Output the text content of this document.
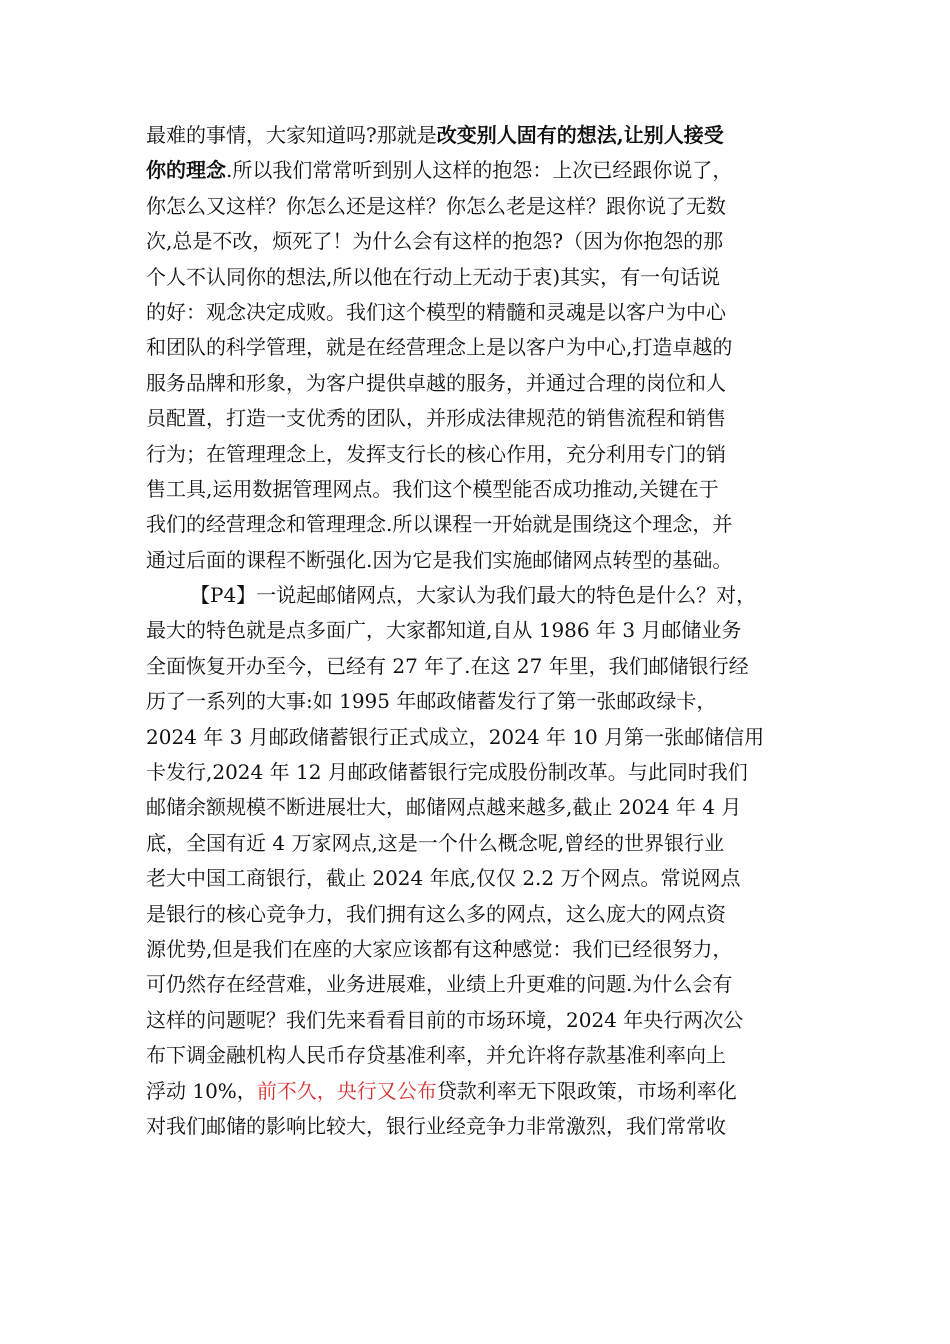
最难的事情，大家知道吗?那就是改变别人固有的想法,让别人接受
你的理念.所以我们常常听到别人这样的抱怨：上次已经跟你说了，
你怎么又这样？你怎么还是这样？你怎么老是这样？跟你说了无数
次,总是不改，烦死了！为什么会有这样的抱怨?（因为你抱怨的那
个人不认同你的想法,所以他在行动上无动于衷)其实，有一句话说
的好：观念决定成败。我们这个模型的精髓和灵魂是以客户为中心
和团队的科学管理，就是在经营理念上是以客户为中心,打造卓越的
服务品牌和形象，为客户提供卓越的服务，并通过合理的岗位和人
员配置，打造一支优秀的团队，并形成法律规范的销售流程和销售
行为；在管理理念上，发挥支行长的核心作用，充分利用专门的销
售工具,运用数据管理网点。我们这个模型能否成功推动,关键在于
我们的经营理念和管理理念.所以课程一开始就是围绕这个理念，并
通过后面的课程不断强化.因为它是我们实施邮储网点转型的基础。
【P4】一说起邮储网点，大家认为我们最大的特色是什么？对，
最大的特色就是点多面广，大家都知道,自从 1986 年 3 月邮储业务
全面恢复开办至今，已经有 27 年了.在这 27 年里，我们邮储银行经
历了一系列的大事:如 1995 年邮政储蓄发行了第一张邮政绿卡，
2024 年 3 月邮政储蓄银行正式成立，2024 年 10 月第一张邮储信用
卡发行,2024 年 12 月邮政储蓄银行完成股份制改革。与此同时我们
邮储余额规模不断进展壮大，邮储网点越来越多,截止 2024 年 4 月
底，全国有近 4 万家网点,这是一个什么概念呢,曾经的世界银行业
老大中国工商银行，截止 2024 年底,仅仅 2.2 万个网点。常说网点
是银行的核心竞争力，我们拥有这么多的网点，这么庞大的网点资
源优势,但是我们在座的大家应该都有这种感觉：我们已经很努力，
可仍然存在经营难，业务进展难，业绩上升更难的问题.为什么会有
这样的问题呢？我们先来看看目前的市场环境，2024 年央行两次公
布下调金融机构人民币存贷基准利率，并允许将存款基准利率向上
浮动 10%，前不久，央行又公布贷款利率无下限政策，市场利率化
对我们邮储的影响比较大，银行业经竞争力非常激烈，我们常常收
